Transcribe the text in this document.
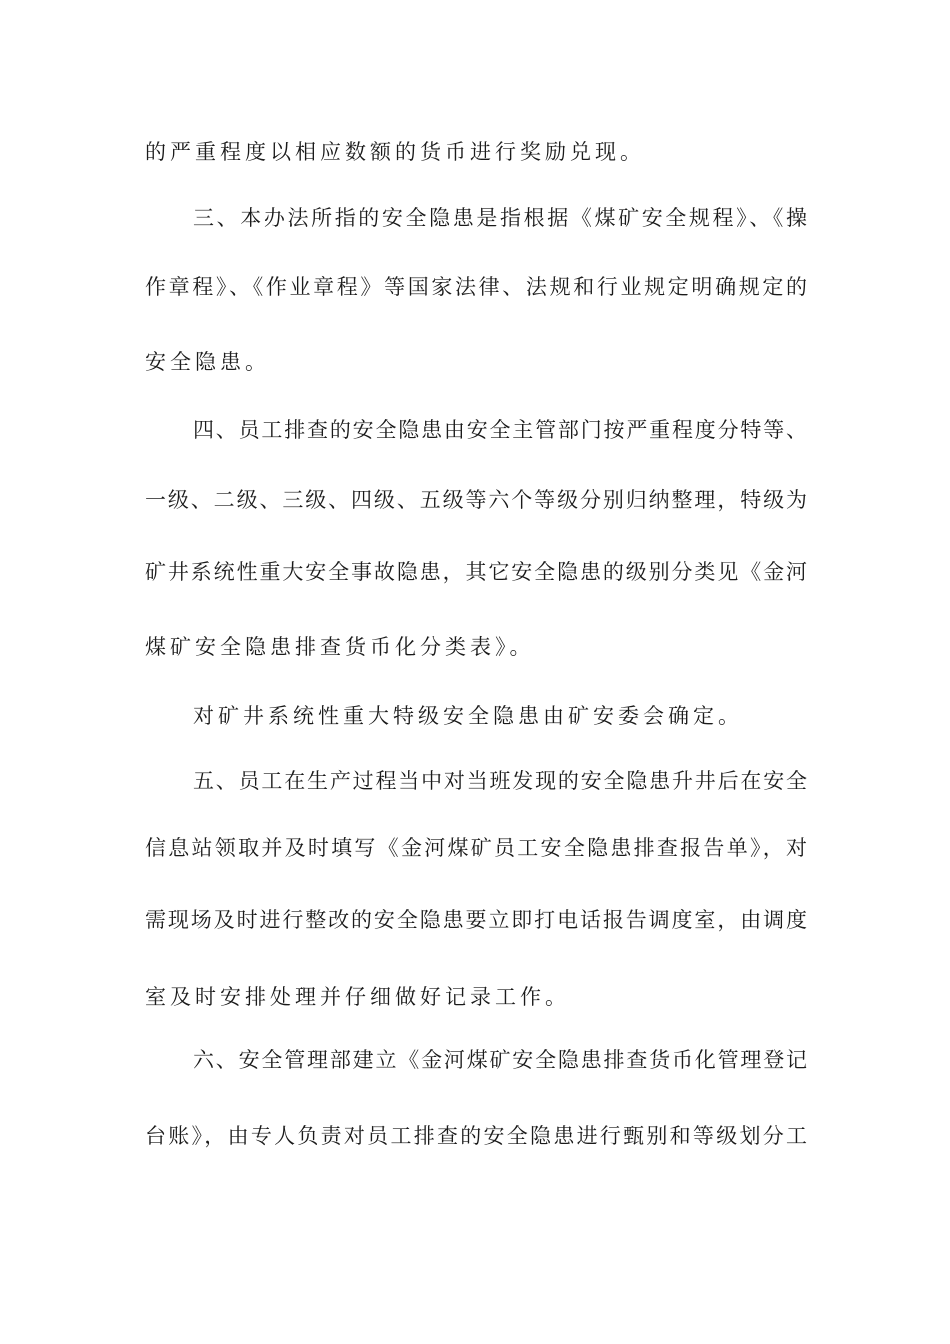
的严重程度以相应数额的货币进行奖励兑现。
三、本办法所指的安全隐患是指根据《煤矿安全规程》、《操
作章程》、《作业章程》等国家法律、法规和行业规定明确规定的
安全隐患。
四、员工排查的安全隐患由安全主管部门按严重程度分特等、
一级、二级、三级、四级、五级等六个等级分别归纳整理，特级为
矿井系统性重大安全事故隐患，其它安全隐患的级别分类见《金河
煤矿安全隐患排查货币化分类表》。
对矿井系统性重大特级安全隐患由矿安委会确定。
五、员工在生产过程当中对当班发现的安全隐患升井后在安全
信息站领取并及时填写《金河煤矿员工安全隐患排查报告单》，对
需现场及时进行整改的安全隐患要立即打电话报告调度室，由调度
室及时安排处理并仔细做好记录工作。
六、安全管理部建立《金河煤矿安全隐患排查货币化管理登记
台账》，由专人负责对员工排查的安全隐患进行甄别和等级划分工
